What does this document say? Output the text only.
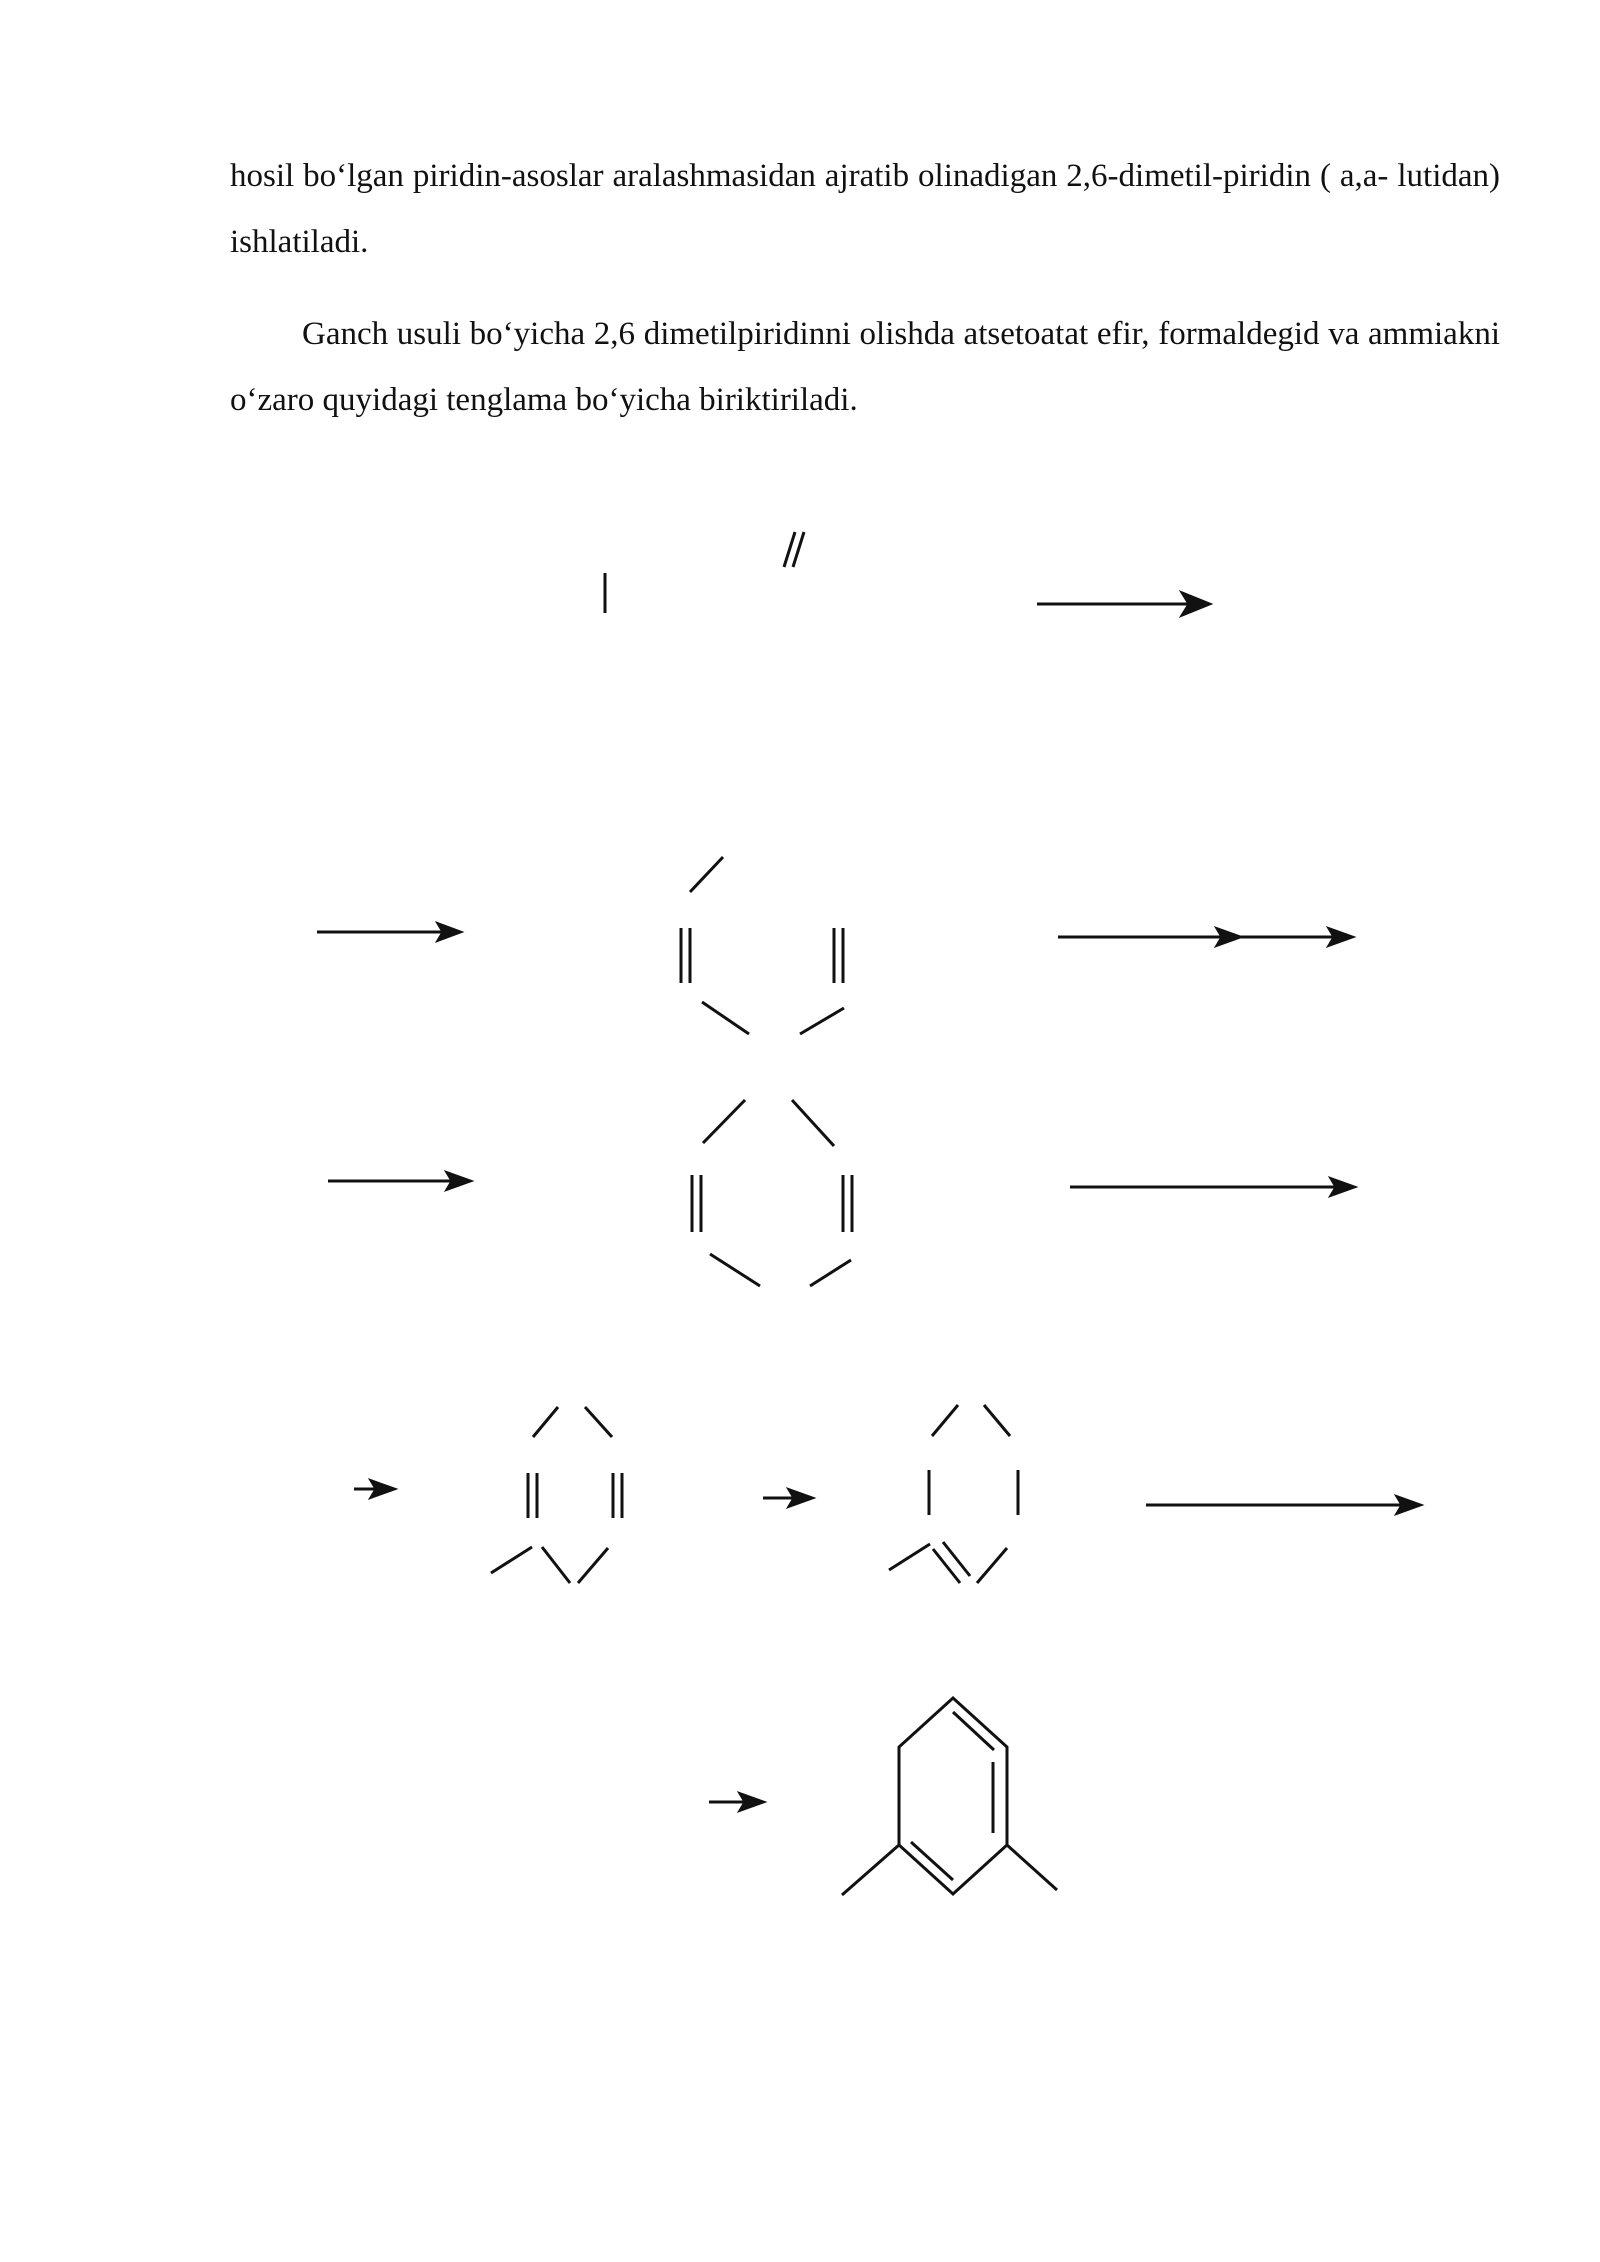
hosil bo‘lgan piridin-asoslar aralashmasidan ajratib olinadigan 2,6-dimetil-piridin ( a,a- lutidan) ishlatiladi.

Ganch usuli bo‘yicha 2,6 dimetilpiridinni olishda atsetoatat efir, formaldegid va ammiakni o‘zaro quyidagi tenglama bo‘yicha biriktiriladi.
